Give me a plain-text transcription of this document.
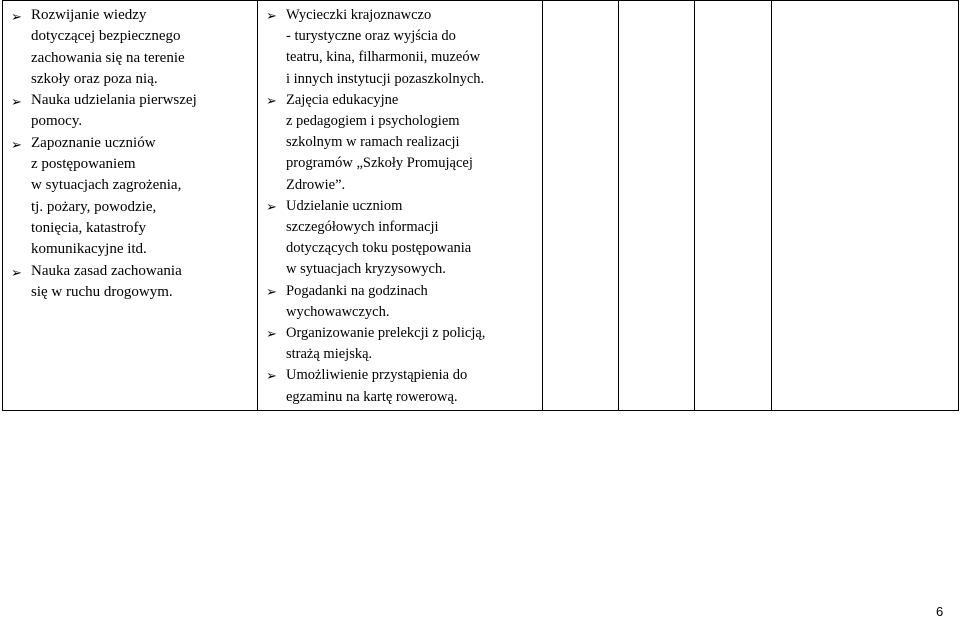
➢ Rozwijanie wiedzy
dotyczącej bezpiecznego
zachowania się na terenie
szkoły oraz poza nią.
➢ Nauka udzielania pierwszej
pomocy.
➢ Zapoznanie uczniów
z postępowaniem
w sytuacjach zagrożenia,
tj. pożary, powodzie,
tonięcia, katastrofy
komunikacyjne itd.
➢ Nauka zasad zachowania
się w ruchu drogowym.

➢ Wycieczki krajoznawczo
- turystyczne oraz wyjścia do
teatru, kina, filharmonii, muzeów
i innych instytucji pozaszkolnych.
➢ Zajęcia edukacyjne
z pedagogiem i psychologiem
szkolnym w ramach realizacji
programów „Szkoły Promującej
Zdrowie”.
➢ Udzielanie uczniom
szczegółowych informacji
dotyczących toku postępowania
w sytuacjach kryzysowych.
➢ Pogadanki na godzinach
wychowawczych.
➢ Organizowanie prelekcji z policją,
strażą miejską.
➢ Umożliwienie przystąpienia do
egzaminu na kartę rowerową.

6
